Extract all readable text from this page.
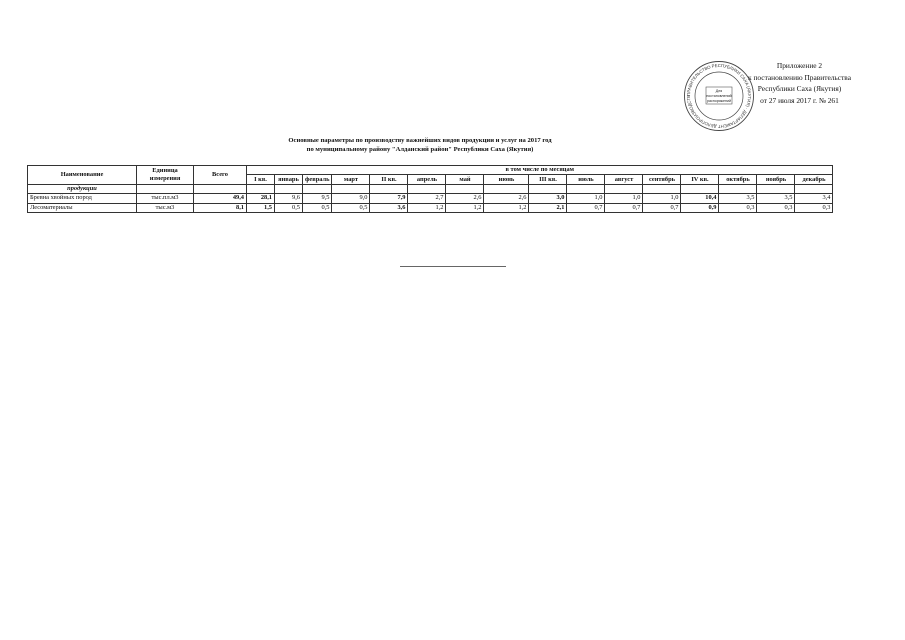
Приложение 2
к постановлению Правительства
Республики Саха (Якутия)
от 27 июля 2017 г. № 261
ПРАВИТЕЛЬСТВО РЕСПУБЛИКИ САХА (ЯКУТИЯ) · ДЕПАРТАМЕНТ ДЕЛОПРОИЗВОДСТВ
Для
постановлений
распоряжений
Основные параметры по производству важнейших видов продукции и услуг на 2017 год
по муниципальному району "Алданский район" Республики Саха (Якутия)
Наименование	Единица измерения	Всего	в том числе по месяцам															
			I кв.	январь	февраль	март	II кв.	апрель	май	июнь	III кв.	июль	август	сентябрь	IV кв.	октябрь	ноябрь	декабрь
продукции																		
Бревна хвойных пород	тыс.пл.м3	49,4	28,1	9,6	9,5	9,0	7,9	2,7	2,6	2,6	3,0	1,0	1,0	1,0	10,4	3,5	3,5	3,4
Лесоматериалы	тыс.м3	8,1	1,5	0,5	0,5	0,5	3,6	1,2	1,2	1,2	2,1	0,7	0,7	0,7	0,9	0,3	0,3	0,3
